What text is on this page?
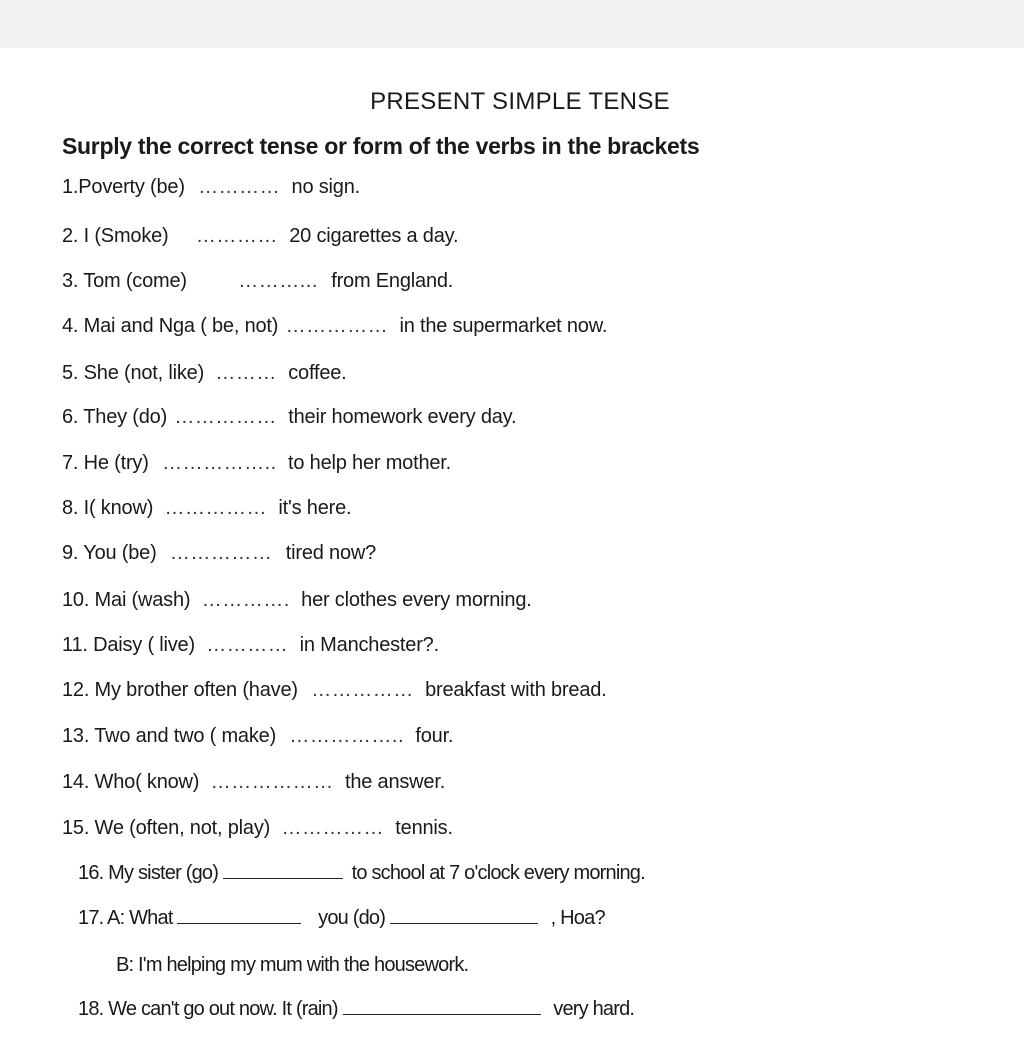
PRESENT SIMPLE TENSE
Surply the correct tense or form of the verbs in the brackets
1.Poverty (be) ………… no sign.
2. I (Smoke) ………… 20 cigarettes a day.
3. Tom (come)	………... from England.
4. Mai and Nga ( be, not) …………… in the supermarket now.
5. She (not, like) ……… coffee.
6. They (do) …………… their homework every day.
7. He (try) …………….. to help her mother.
8. I( know) …………… it's here.
9. You (be) …………… tired now?
10. Mai (wash) …………. her clothes every morning.
11. Daisy ( live) ………… in Manchester?.
12. My brother often (have) …………… breakfast with bread.
13. Two and two ( make) …………….. four.
14. Who( know) ……………… the answer.
15. We (often, not, play) …………… tennis.
16. My sister (go)	to school at 7 o'clock every morning.
17. A: What	you (do)	, Hoa?
B: I'm helping my mum with the housework.
18. We can't go out now. It (rain)	very hard.
